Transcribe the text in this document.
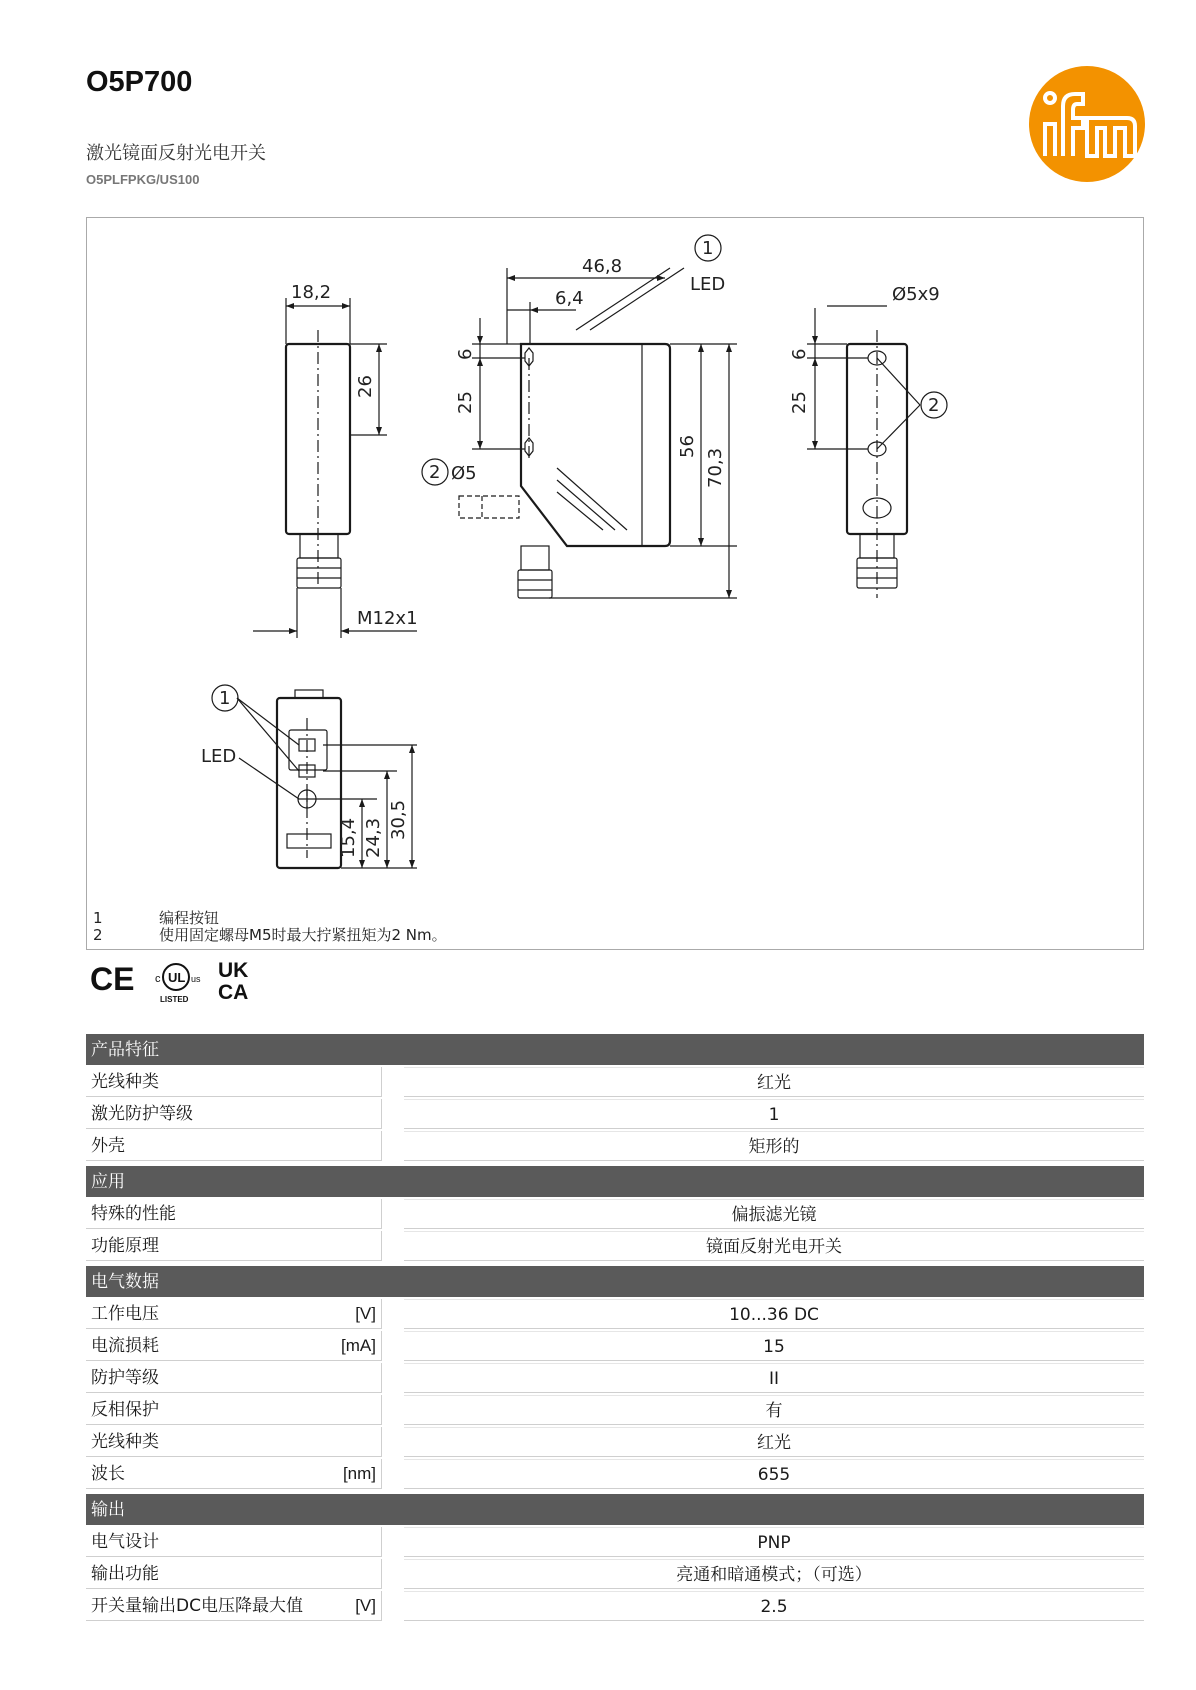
O5P700
激光镜面反射光电开关
O5PLFPKG/US100
18,2
26
M12x1
46,8
6,4
6
25
Ø5
56
70,3
Ø5x9
6
25
15,4 24,3 30,5
LED
LED
1
2
2
1
1	编程按钮
2	使用固定螺母M5时最大拧紧扭矩为2 Nm。
CE c UL us
LISTED
UK
CA
产品特征
光线种类	红光
激光防护等级	1
外壳	矩形的
应用
特殊的性能	偏振滤光镜
功能原理	镜面反射光电开关
电气数据
工作电压	[V]	10...36 DC
电流损耗	[mA]	15
防护等级	II
反相保护	有
光线种类	红光
波长	[nm]	655
输出
电气设计	PNP
输出功能	亮通和暗通模式；（可选）
开关量输出DC电压降最大值	[V]	2.5
